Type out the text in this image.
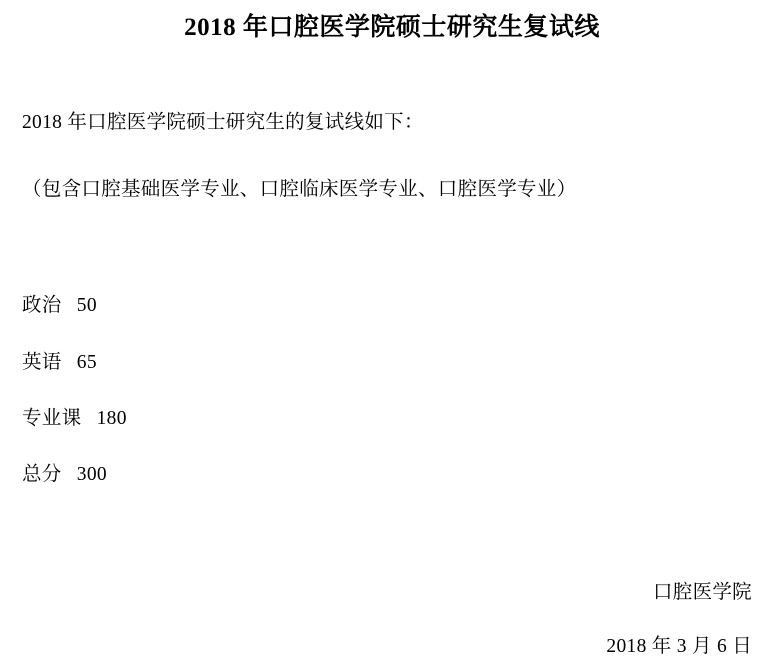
2018 年口腔医学院硕士研究生复试线

2018 年口腔医学院硕士研究生的复试线如下：

（包含口腔基础医学专业、口腔临床医学专业、口腔医学专业）

政治 50
英语 65
专业课 180
总分 300
口腔医学院
2018 年 3 月 6 日
